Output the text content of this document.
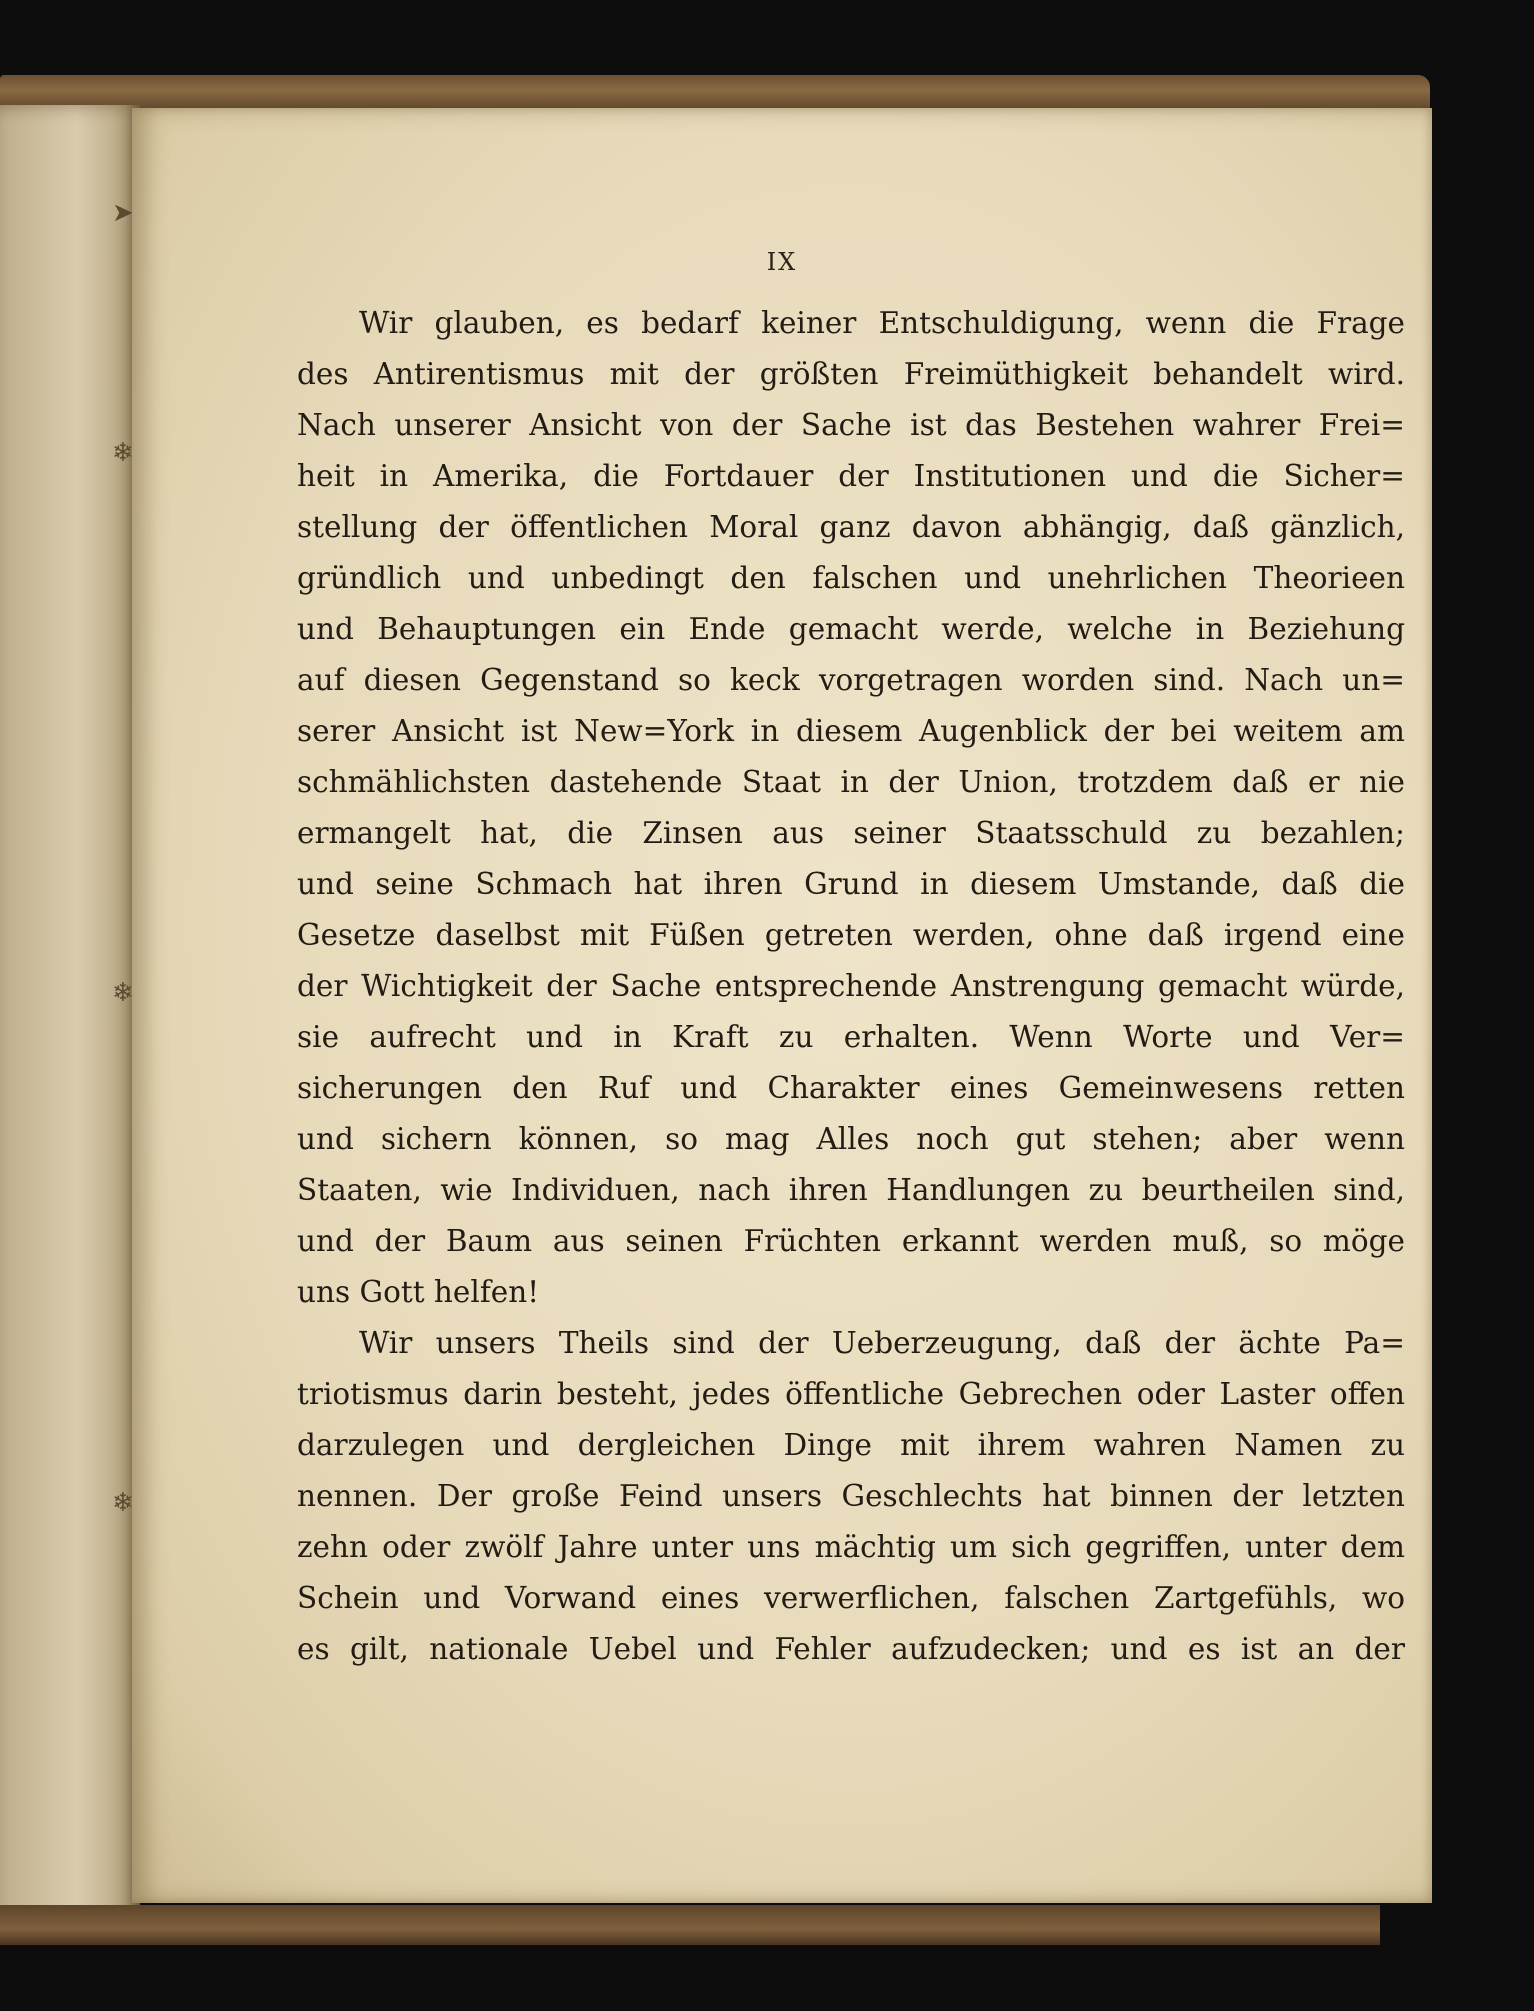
IX
Wir glauben, es bedarf keiner Entschuldigung, wenn die Frage
des Antirentismus mit der größten Freimüthigkeit behandelt wird.
Nach unserer Ansicht von der Sache ist das Bestehen wahrer Frei=
heit in Amerika, die Fortdauer der Institutionen und die Sicher=
stellung der öffentlichen Moral ganz davon abhängig, daß gänzlich,
gründlich und unbedingt den falschen und unehrlichen Theorieen
und Behauptungen ein Ende gemacht werde, welche in Beziehung
auf diesen Gegenstand so keck vorgetragen worden sind. Nach un=
serer Ansicht ist New=York in diesem Augenblick der bei weitem am
schmählichsten dastehende Staat in der Union, trotzdem daß er nie
ermangelt hat, die Zinsen aus seiner Staatsschuld zu bezahlen;
und seine Schmach hat ihren Grund in diesem Umstande, daß die
Gesetze daselbst mit Füßen getreten werden, ohne daß irgend eine
der Wichtigkeit der Sache entsprechende Anstrengung gemacht würde,
sie aufrecht und in Kraft zu erhalten. Wenn Worte und Ver=
sicherungen den Ruf und Charakter eines Gemeinwesens retten
und sichern können, so mag Alles noch gut stehen; aber wenn
Staaten, wie Individuen, nach ihren Handlungen zu beurtheilen sind,
und der Baum aus seinen Früchten erkannt werden muß, so möge
uns Gott helfen!
Wir unsers Theils sind der Ueberzeugung, daß der ächte Pa=
triotismus darin besteht, jedes öffentliche Gebrechen oder Laster offen
darzulegen und dergleichen Dinge mit ihrem wahren Namen zu
nennen. Der große Feind unsers Geschlechts hat binnen der letzten
zehn oder zwölf Jahre unter uns mächtig um sich gegriffen, unter dem
Schein und Vorwand eines verwerflichen, falschen Zartgefühls, wo
es gilt, nationale Uebel und Fehler aufzudecken; und es ist an der
➤
❄
❄
❄
